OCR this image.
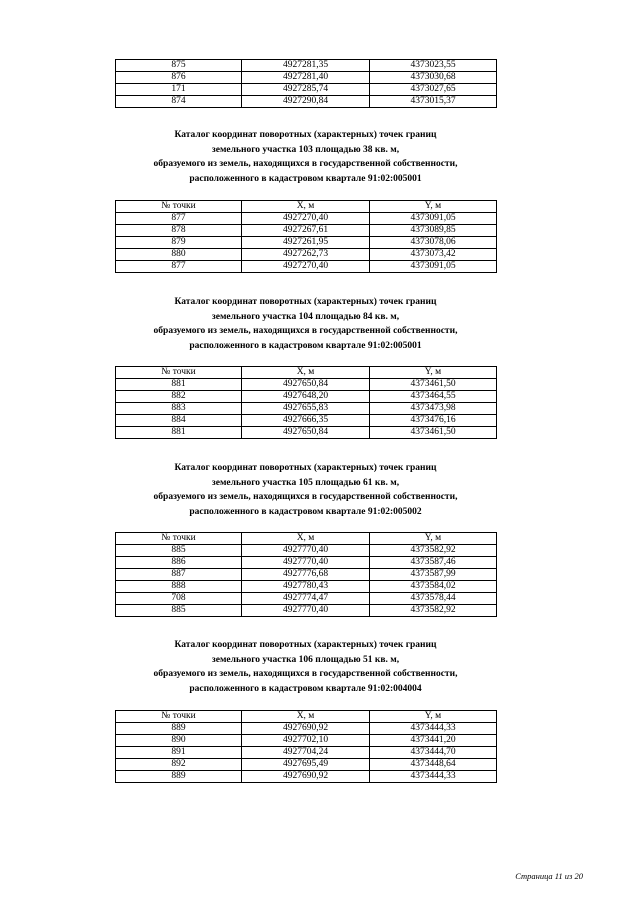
Страница 11 из 20
875	4927281,35	4373023,55
876	4927281,40	4373030,68
171	4927285,74	4373027,65
874	4927290,84	4373015,37
Каталог координат поворотных (характерных) точек границ
земельного участка 103 площадью 38 кв. м,
образуемого из земель, находящихся в государственной собственности,
расположенного в кадастровом квартале 91:02:005001
№ точки	X, м	Y, м
877	4927270,40	4373091,05
878	4927267,61	4373089,85
879	4927261,95	4373078,06
880	4927262,73	4373073,42
877	4927270,40	4373091,05
Каталог координат поворотных (характерных) точек границ
земельного участка 104 площадью 84 кв. м,
образуемого из земель, находящихся в государственной собственности,
расположенного в кадастровом квартале 91:02:005001
№ точки	X, м	Y, м
881	4927650,84	4373461,50
882	4927648,20	4373464,55
883	4927655,83	4373473,98
884	4927666,35	4373476,16
881	4927650,84	4373461,50
Каталог координат поворотных (характерных) точек границ
земельного участка 105 площадью 61 кв. м,
образуемого из земель, находящихся в государственной собственности,
расположенного в кадастровом квартале 91:02:005002
№ точки	X, м	Y, м
885	4927770,40	4373582,92
886	4927770,40	4373587,46
887	4927776,68	4373587,99
888	4927780,43	4373584,02
708	4927774,47	4373578,44
885	4927770,40	4373582,92
Каталог координат поворотных (характерных) точек границ
земельного участка 106 площадью 51 кв. м,
образуемого из земель, находящихся в государственной собственности,
расположенного в кадастровом квартале 91:02:004004
№ точки	X, м	Y, м
889	4927690,92	4373444,33
890	4927702,10	4373441,20
891	4927704,24	4373444,70
892	4927695,49	4373448,64
889	4927690,92	4373444,33
